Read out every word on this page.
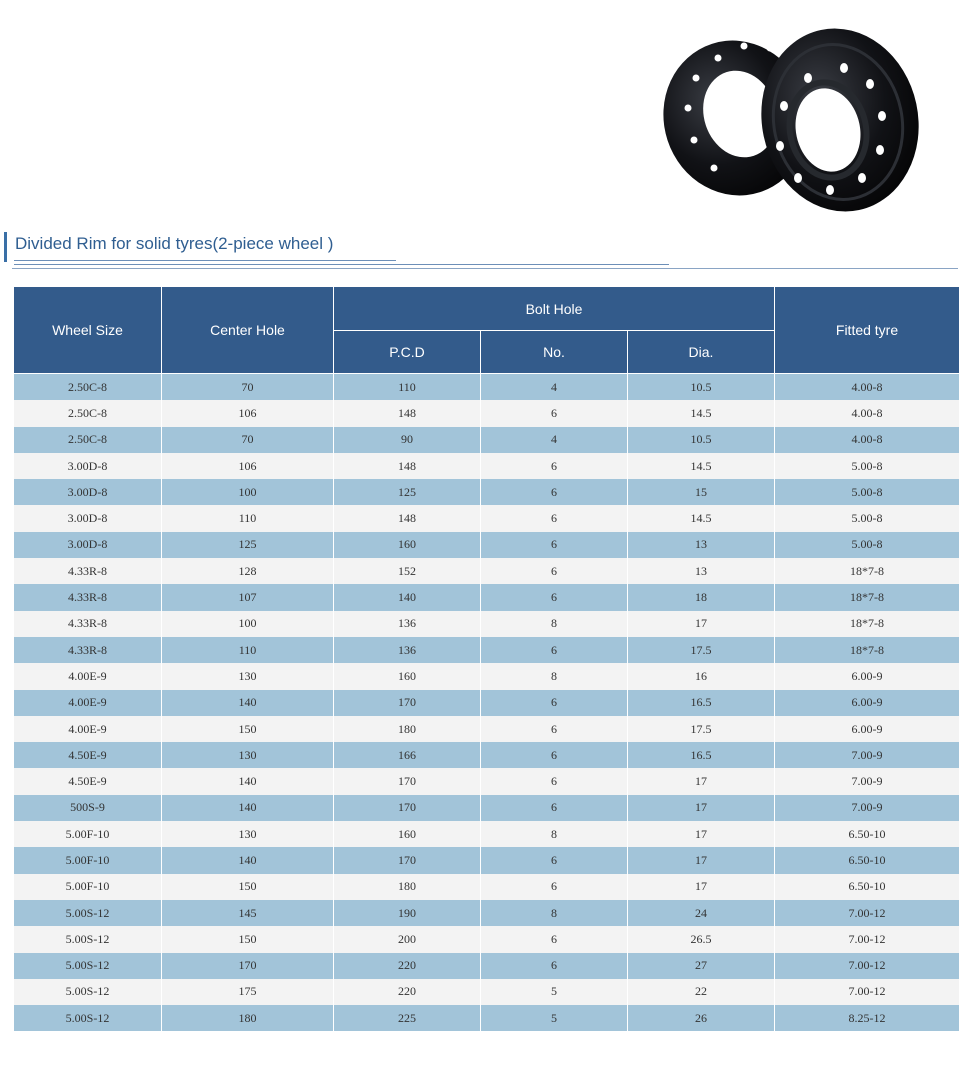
Divided Rim for solid tyres(2-piece wheel )
Wheel Size	Center Hole	Bolt Hole			Fitted tyre
		P.C.D	No.	Dia.	
2.50C-8	70	110	4	10.5	4.00-8
2.50C-8	106	148	6	14.5	4.00-8
2.50C-8	70	90	4	10.5	4.00-8
3.00D-8	106	148	6	14.5	5.00-8
3.00D-8	100	125	6	15	5.00-8
3.00D-8	110	148	6	14.5	5.00-8
3.00D-8	125	160	6	13	5.00-8
4.33R-8	128	152	6	13	18*7-8
4.33R-8	107	140	6	18	18*7-8
4.33R-8	100	136	8	17	18*7-8
4.33R-8	110	136	6	17.5	18*7-8
4.00E-9	130	160	8	16	6.00-9
4.00E-9	140	170	6	16.5	6.00-9
4.00E-9	150	180	6	17.5	6.00-9
4.50E-9	130	166	6	16.5	7.00-9
4.50E-9	140	170	6	17	7.00-9
500S-9	140	170	6	17	7.00-9
5.00F-10	130	160	8	17	6.50-10
5.00F-10	140	170	6	17	6.50-10
5.00F-10	150	180	6	17	6.50-10
5.00S-12	145	190	8	24	7.00-12
5.00S-12	150	200	6	26.5	7.00-12
5.00S-12	170	220	6	27	7.00-12
5.00S-12	175	220	5	22	7.00-12
5.00S-12	180	225	5	26	8.25-12
